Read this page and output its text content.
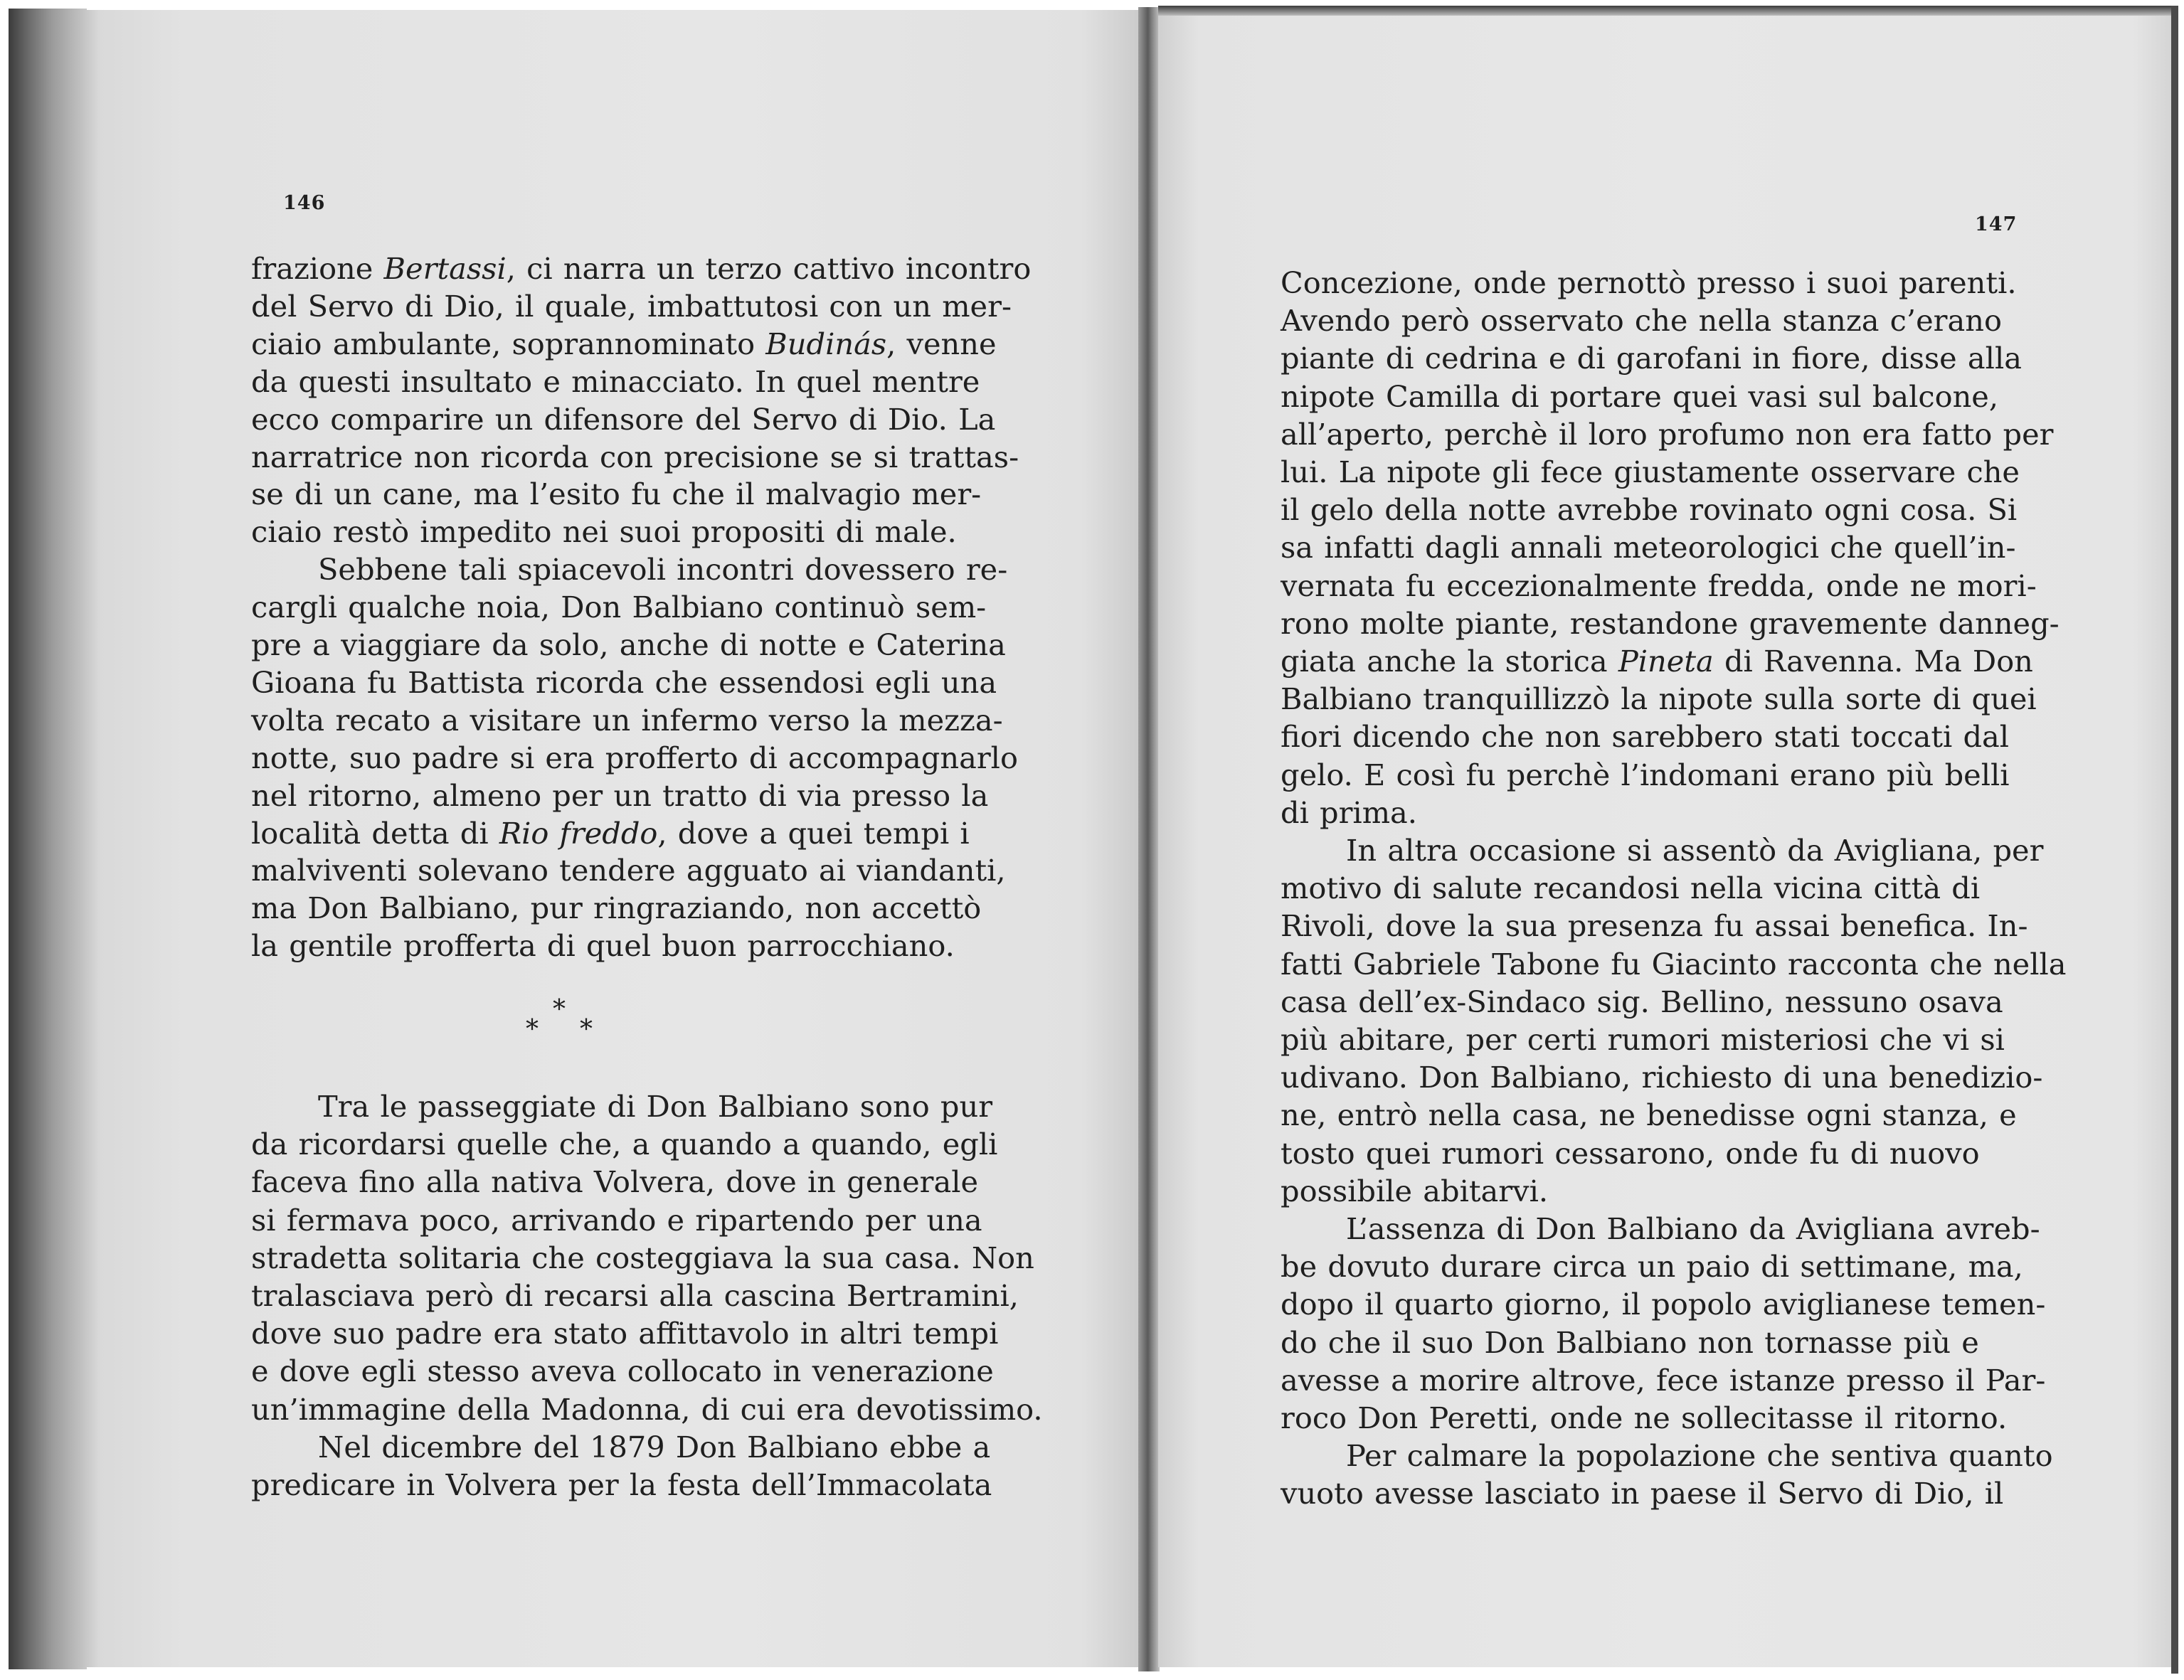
146
frazione Bertassi, ci narra un terzo cattivo incontro
del Servo di Dio, il quale, imbattutosi con un mer-
ciaio ambulante, soprannominato Budinás, venne
da questi insultato e minacciato. In quel mentre
ecco comparire un difensore del Servo di Dio. La
narratrice non ricorda con precisione se si trattas-
se di un cane, ma l’esito fu che il malvagio mer-
ciaio restò impedito nei suoi propositi di male.
Sebbene tali spiacevoli incontri dovessero re-
cargli qualche noia, Don Balbiano continuò sem-
pre a viaggiare da solo, anche di notte e Caterina
Gioana fu Battista ricorda che essendosi egli una
volta recato a visitare un infermo verso la mezza-
notte, suo padre si era profferto di accompagnarlo
nel ritorno, almeno per un tratto di via presso la
località detta di Rio freddo, dove a quei tempi i
malviventi solevano tendere agguato ai viandanti,
ma Don Balbiano, pur ringraziando, non accettò
la gentile profferta di quel buon parrocchiano.
*
* *
Tra le passeggiate di Don Balbiano sono pur
da ricordarsi quelle che, a quando a quando, egli
faceva fino alla nativa Volvera, dove in generale
si fermava poco, arrivando e ripartendo per una
stradetta solitaria che costeggiava la sua casa. Non
tralasciava però di recarsi alla cascina Bertramini,
dove suo padre era stato affittavolo in altri tempi
e dove egli stesso aveva collocato in venerazione
un’immagine della Madonna, di cui era devotissimo.
Nel dicembre del 1879 Don Balbiano ebbe a
predicare in Volvera per la festa dell’Immacolata
147
Concezione, onde pernottò presso i suoi parenti.
Avendo però osservato che nella stanza c’erano
piante di cedrina e di garofani in fiore, disse alla
nipote Camilla di portare quei vasi sul balcone,
all’aperto, perchè il loro profumo non era fatto per
lui. La nipote gli fece giustamente osservare che
il gelo della notte avrebbe rovinato ogni cosa. Si
sa infatti dagli annali meteorologici che quell’in-
vernata fu eccezionalmente fredda, onde ne mori-
rono molte piante, restandone gravemente danneg-
giata anche la storica Pineta di Ravenna. Ma Don
Balbiano tranquillizzò la nipote sulla sorte di quei
fiori dicendo che non sarebbero stati toccati dal
gelo. E così fu perchè l’indomani erano più belli
di prima.
In altra occasione si assentò da Avigliana, per
motivo di salute recandosi nella vicina città di
Rivoli, dove la sua presenza fu assai benefica. In-
fatti Gabriele Tabone fu Giacinto racconta che nella
casa dell’ex-Sindaco sig. Bellino, nessuno osava
più abitare, per certi rumori misteriosi che vi si
udivano. Don Balbiano, richiesto di una benedizio-
ne, entrò nella casa, ne benedisse ogni stanza, e
tosto quei rumori cessarono, onde fu di nuovo
possibile abitarvi.
L’assenza di Don Balbiano da Avigliana avreb-
be dovuto durare circa un paio di settimane, ma,
dopo il quarto giorno, il popolo aviglianese temen-
do che il suo Don Balbiano non tornasse più e
avesse a morire altrove, fece istanze presso il Par-
roco Don Peretti, onde ne sollecitasse il ritorno.
Per calmare la popolazione che sentiva quanto
vuoto avesse lasciato in paese il Servo di Dio, il
